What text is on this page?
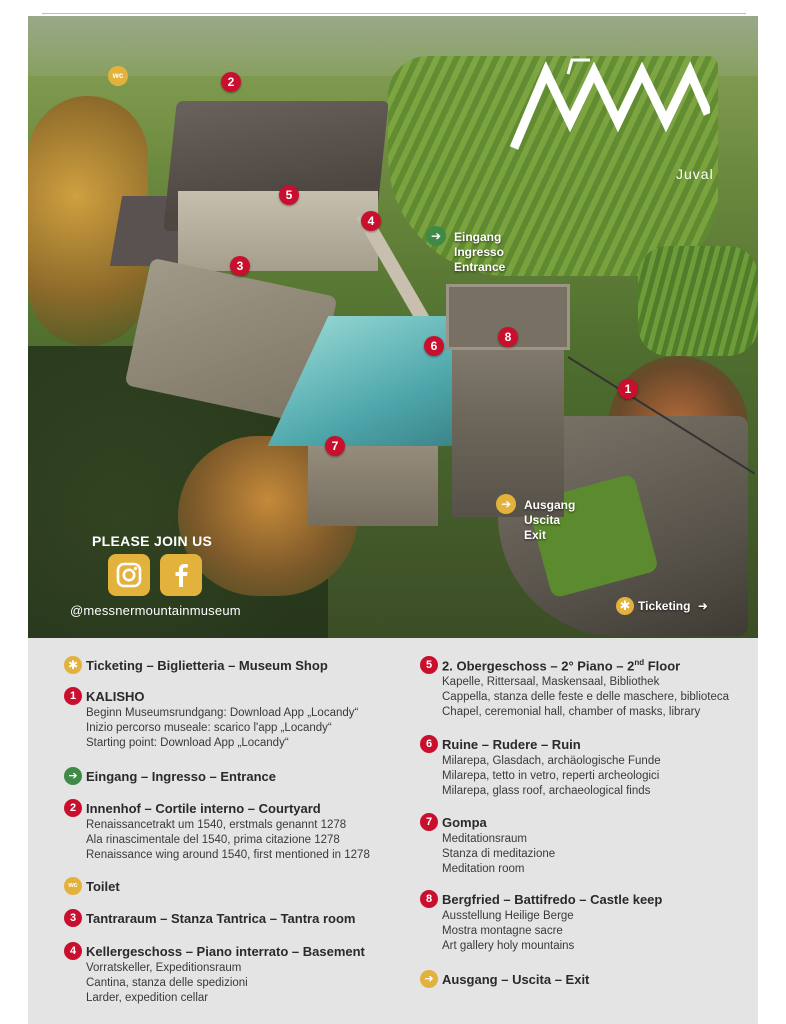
Juval
wc	2
5
4
3
6
8
1
7
➔	Eingang
Ingresso
Entrance
➔	Ausgang
Uscita
Exit
✱ Ticketing ➜
PLEASE JOIN US
@messnermountainmuseum
✱ Ticketing – Biglietteria – Museum Shop
1 KALISHO
Beginn Museumsrundgang: Download App „Locandy“
Inizio percorso museale: scarico l'app „Locandy“
Starting point: Download App „Locandy“
➔ Eingang – Ingresso – Entrance
2 Innenhof – Cortile interno – Courtyard
Renaissancetrakt um 1540, erstmals genannt 1278
Ala rinascimentale del 1540, prima citazione 1278
Renaissance wing around 1540, first mentioned in 1278
wc Toilet
3 Tantraraum – Stanza Tantrica – Tantra room
4 Kellergeschoss – Piano interrato – Basement
Vorratskeller, Expeditionsraum
Cantina, stanza delle spedizioni
Larder, expedition cellar
5 2. Obergeschoss – 2° Piano – 2nd Floor
Kapelle, Rittersaal, Maskensaal, Bibliothek
Cappella, stanza delle feste e delle maschere, biblioteca
Chapel, ceremonial hall, chamber of masks, library
6 Ruine – Rudere – Ruin
Milarepa, Glasdach, archäologische Funde
Milarepa, tetto in vetro, reperti archeologici
Milarepa, glass roof, archaeological finds
7 Gompa
Meditationsraum
Stanza di meditazione
Meditation room
8 Bergfried – Battifredo – Castle keep
Ausstellung Heilige Berge
Mostra montagne sacre
Art gallery holy mountains
➔ Ausgang – Uscita – Exit
